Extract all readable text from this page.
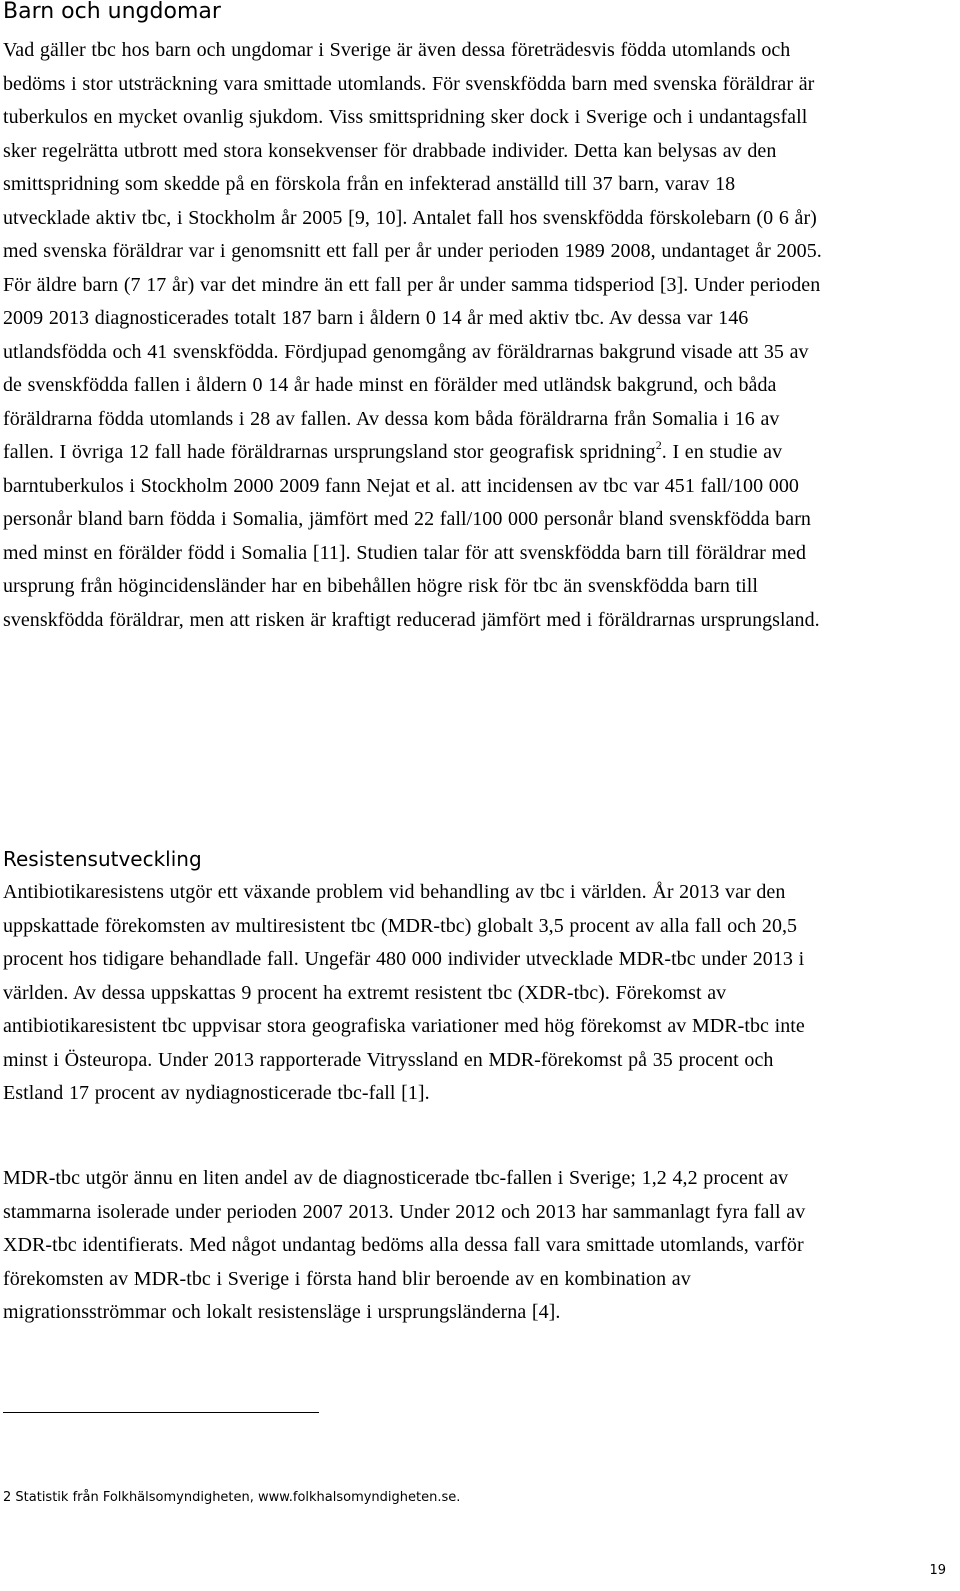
Barn och ungdomar

Vad gäller tbc hos barn och ungdomar i Sverige är även dessa företrädesvis födda utomlands och bedöms i stor utsträckning vara smittade utomlands. För svenskfödda barn med svenska föräldrar är tuberkulos en mycket ovanlig sjukdom. Viss smittspridning sker dock i Sverige och i undantagsfall sker regelrätta utbrott med stora konsekvenser för drabbade individer. Detta kan belysas av den smittspridning som skedde på en förskola från en infekterad anställd till 37 barn, varav 18 utvecklade aktiv tbc, i Stockholm år 2005 [9, 10]. Antalet fall hos svenskfödda förskolebarn (0 6 år) med svenska föräldrar var i genomsnitt ett fall per år under perioden 1989 2008, undantaget år 2005. För äldre barn (7 17 år) var det mindre än ett fall per år under samma tidsperiod [3]. Under perioden 2009 2013 diagnosticerades totalt 187 barn i åldern 0 14 år med aktiv tbc. Av dessa var 146 utlandsfödda och 41 svenskfödda. Fördjupad genomgång av föräldrarnas bakgrund visade att 35 av de svenskfödda fallen i åldern 0 14 år hade minst en förälder med utländsk bakgrund, och båda föräldrarna födda utomlands i 28 av fallen. Av dessa kom båda föräldrarna från Somalia i 16 av fallen. I övriga 12 fall hade föräldrarnas ursprungsland stor geografisk spridning$^2$. I en studie av barntuberkulos i Stockholm 2000 2009 fann Nejat et al. att incidensen av tbc var 451 fall/100 000 personår bland barn födda i Somalia, jämfört med 22 fall/100 000 personår bland svenskfödda barn med minst en förälder född i Somalia [11]. Studien talar för att svenskfödda barn till föräldrar med ursprung från högincidensländer har en bibehållen högre risk för tbc än svenskfödda barn till svenskfödda föräldrar, men att risken är kraftigt reducerad jämfört med i föräldrarnas ursprungsland.

Resistensutveckling

Antibiotikaresistens utgör ett växande problem vid behandling av tbc i världen. År 2013 var den uppskattade förekomsten av multiresistent tbc (MDR-tbc) globalt 3,5 procent av alla fall och 20,5 procent hos tidigare behandlade fall. Ungefär 480 000 individer utvecklade MDR-tbc under 2013 i världen. Av dessa uppskattas 9 procent ha extremt resistent tbc (XDR-tbc). Förekomst av antibiotikaresistent tbc uppvisar stora geografiska variationer med hög förekomst av MDR-tbc inte minst i Östeuropa. Under 2013 rapporterade Vitryssland en MDR-förekomst på 35 procent och Estland 17 procent av nydiagnosticerade tbc-fall [1].

MDR-tbc utgör ännu en liten andel av de diagnosticerade tbc-fallen i Sverige; 1,2 4,2 procent av stammarna isolerade under perioden 2007 2013. Under 2012 och 2013 har sammanlagt fyra fall av XDR-tbc identifierats. Med något undantag bedöms alla dessa fall vara smittade utomlands, varför förekomsten av MDR-tbc i Sverige i första hand blir beroende av en kombination av migrationsströmmar och lokalt resistensläge i ursprungsländerna [4].

2 Statistik från Folkhälsomyndigheten, www.folkhalsomyndigheten.se.

19
